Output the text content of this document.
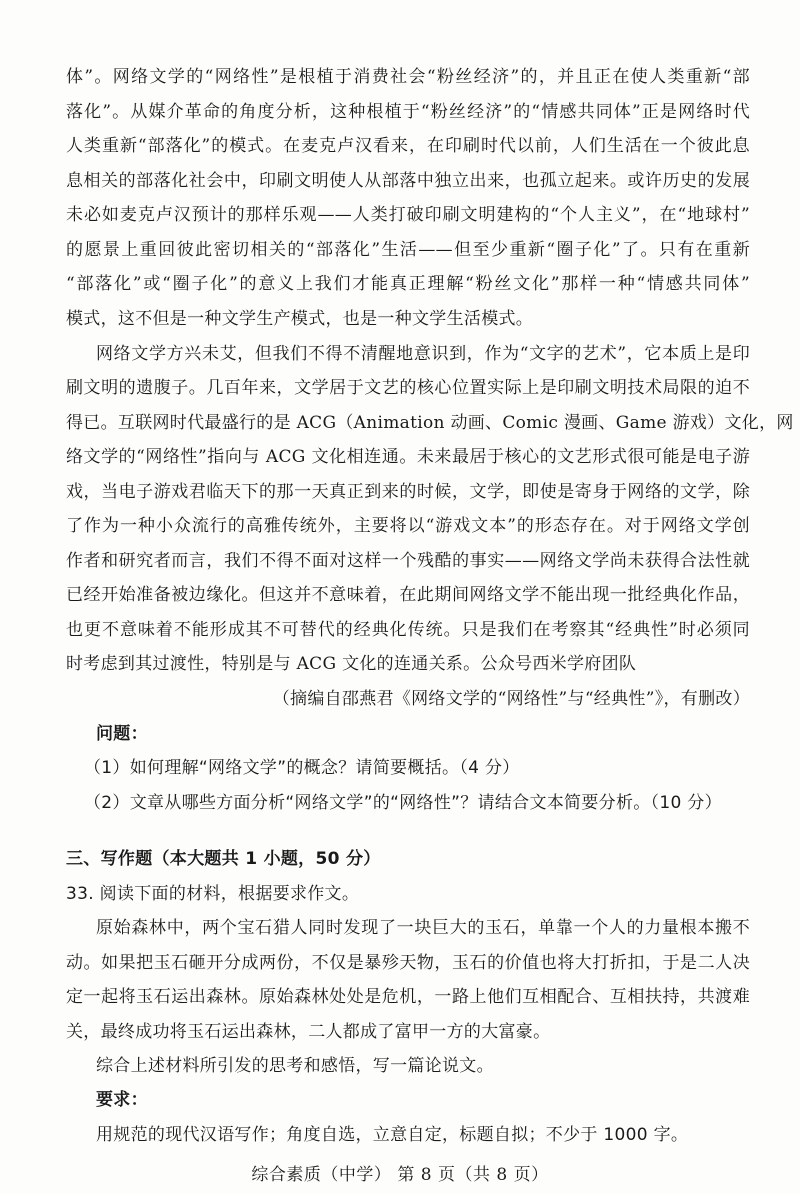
体”。网络文学的“网络性”是根植于消费社会“粉丝经济”的，并且正在使人类重新“部
落化”。从媒介革命的角度分析，这种根植于“粉丝经济”的“情感共同体”正是网络时代
人类重新“部落化”的模式。在麦克卢汉看来，在印刷时代以前，人们生活在一个彼此息
息相关的部落化社会中，印刷文明使人从部落中独立出来，也孤立起来。或许历史的发展
未必如麦克卢汉预计的那样乐观——人类打破印刷文明建构的“个人主义”，在“地球村”
的愿景上重回彼此密切相关的“部落化”生活——但至少重新“圈子化”了。只有在重新
“部落化”或“圈子化”的意义上我们才能真正理解“粉丝文化”那样一种“情感共同体”
模式，这不但是一种文学生产模式，也是一种文学生活模式。
网络文学方兴未艾，但我们不得不清醒地意识到，作为“文字的艺术”，它本质上是印
刷文明的遗腹子。几百年来，文学居于文艺的核心位置实际上是印刷文明技术局限的迫不
得已。互联网时代最盛行的是 ACG（Animation 动画、Comic 漫画、Game 游戏）文化，网
络文学的“网络性”指向与 ACG 文化相连通。未来最居于核心的文艺形式很可能是电子游
戏，当电子游戏君临天下的那一天真正到来的时候，文学，即使是寄身于网络的文学，除
了作为一种小众流行的高雅传统外，主要将以“游戏文本”的形态存在。对于网络文学创
作者和研究者而言，我们不得不面对这样一个残酷的事实——网络文学尚未获得合法性就
已经开始准备被边缘化。但这并不意味着，在此期间网络文学不能出现一批经典化作品，
也更不意味着不能形成其不可替代的经典化传统。只是我们在考察其“经典性”时必须同
时考虑到其过渡性，特别是与 ACG 文化的连通关系。公众号西米学府团队
（摘编自邵燕君《网络文学的“网络性”与“经典性”》，有删改）
问题：
（1）如何理解“网络文学”的概念？请简要概括。（4 分）
（2）文章从哪些方面分析“网络文学”的“网络性”？请结合文本简要分析。（10 分）
三、写作题（本大题共 1 小题，50 分）
33. 阅读下面的材料，根据要求作文。
原始森林中，两个宝石猎人同时发现了一块巨大的玉石，单靠一个人的力量根本搬不
动。如果把玉石砸开分成两份，不仅是暴殄天物，玉石的价值也将大打折扣，于是二人决
定一起将玉石运出森林。原始森林处处是危机，一路上他们互相配合、互相扶持，共渡难
关，最终成功将玉石运出森林，二人都成了富甲一方的大富豪。
综合素质（中学） 第 8 页（共 8 页）
综合上述材料所引发的思考和感悟，写一篇论说文。
要求：
用规范的现代汉语写作；角度自选，立意自定，标题自拟；不少于 1000 字。
